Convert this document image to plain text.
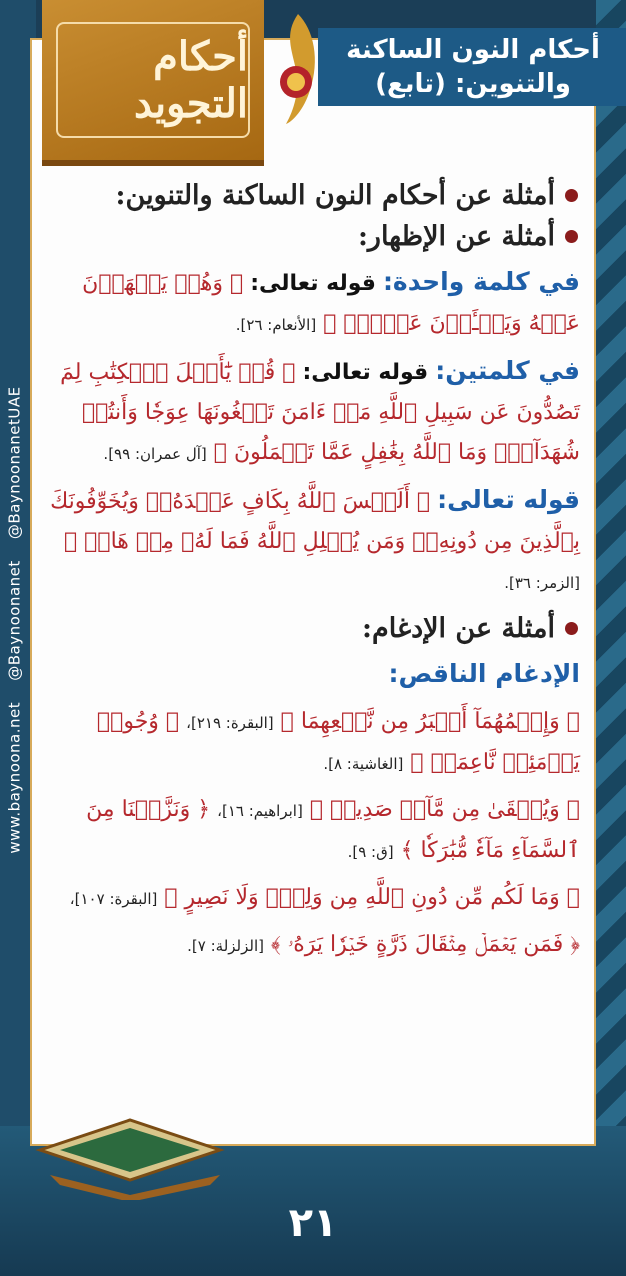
أحكام التجويد
أحكام النون الساكنة
والتنوين: (تابع)
www.baynoona.net    @Baynoonanet    @BaynoonanetUAE
أمثلة عن أحكام النون الساكنة والتنوين:
أمثلة عن الإظهار:
في كلمة واحدة: قوله تعالى: ﴿ وَهُمۡ يَنۡهَوۡنَ عَنۡهُ وَيَنۡـَٔوۡنَ عَنۡهُۖ ﴾ [الأنعام: ٢٦].
في كلمتين: قوله تعالى: ﴿ قُلۡ يَٰٓأَهۡلَ ٱلۡكِتَٰبِ لِمَ تَصُدُّونَ عَن سَبِيلِ ٱللَّهِ مَنۡ ءَامَنَ تَبۡغُونَهَا عِوَجٗا وَأَنتُمۡ شُهَدَآءُۗ وَمَا ٱللَّهُ بِغَٰفِلٍ عَمَّا تَعۡمَلُونَ ﴾ [آل عمران: ٩٩].
قوله تعالى: ﴿ أَلَيۡسَ ٱللَّهُ بِكَافٍ عَبۡدَهُۥۖ وَيُخَوِّفُونَكَ بِٱلَّذِينَ مِن دُونِهِۦۚ وَمَن يُضۡلِلِ ٱللَّهُ فَمَا لَهُۥ مِنۡ هَادٖ ﴾ [الزمر: ٣٦].
أمثلة عن الإدغام:
الإدغام الناقص:
﴿ وَإِثۡمُهُمَآ أَكۡبَرُ مِن نَّفۡعِهِمَا ﴾ [البقرة: ٢١٩]، ﴿ وُجُوهٞ يَوۡمَئِذٖ نَّاعِمَةٞ ﴾ [الغاشية: ٨].
﴿ وَيُسۡقَىٰ مِن مَّآءٖ صَدِيدٖ ﴾ [ابراهيم: ١٦]، ﴿ وَنَزَّلۡنَا مِنَ ٱلسَّمَآءِ مَآءٗ مُّبَٰرَكٗا ﴾ [ق: ٩].
﴿ وَمَا لَكُم مِّن دُونِ ٱللَّهِ مِن وَلِيّٖ وَلَا نَصِيرٍ ﴾ [البقرة: ١٠٧]،
﴿ فَمَن يَعۡمَلۡ مِثۡقَالَ ذَرَّةٍ خَيۡرٗا يَرَهُۥ ﴾ [الزلزلة: ٧].
٢١
